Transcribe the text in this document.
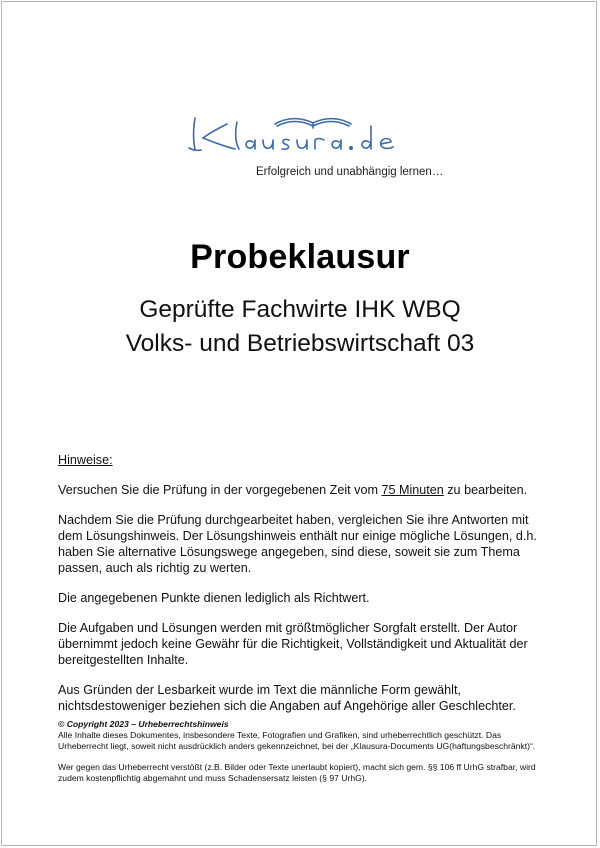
Erfolgreich und unabhängig lernen…
Probeklausur
Geprüfte Fachwirte IHK WBQ
Volks- und Betriebswirtschaft 03

Hinweise:

Versuchen Sie die Prüfung in der vorgegebenen Zeit vom 75 Minuten zu bearbeiten.

Nachdem Sie die Prüfung durchgearbeitet haben, vergleichen Sie ihre Antworten mit dem Lösungshinweis. Der Lösungshinweis enthält nur einige mögliche Lösungen, d.h. haben Sie alternative Lösungswege angegeben, sind diese, soweit sie zum Thema passen, auch als richtig zu werten.

Die angegebenen Punkte dienen lediglich als Richtwert.

Die Aufgaben und Lösungen werden mit größtmöglicher Sorgfalt erstellt. Der Autor übernimmt jedoch keine Gewähr für die Richtigkeit, Vollständigkeit und Aktualität der bereitgestellten Inhalte.

Aus Gründen der Lesbarkeit wurde im Text die männliche Form gewählt, nichtsdestoweniger beziehen sich die Angaben auf Angehörige aller Geschlechter.

© Copyright 2023 – Urheberrechtshinweis

Alle Inhalte dieses Dokumentes, insbesondere Texte, Fotografien und Grafiken, sind urheberrechtlich geschützt. Das Urheberrecht liegt, soweit nicht ausdrücklich anders gekennzeichnet, bei der „Klausura-Documents UG(haftungsbeschränkt)“.

Wer gegen das Urheberrecht verstößt (z.B. Bilder oder Texte unerlaubt kopiert), macht sich gem. §§ 106 ff UrhG strafbar, wird zudem kostenpflichtig abgemahnt und muss Schadensersatz leisten (§ 97 UrhG).
